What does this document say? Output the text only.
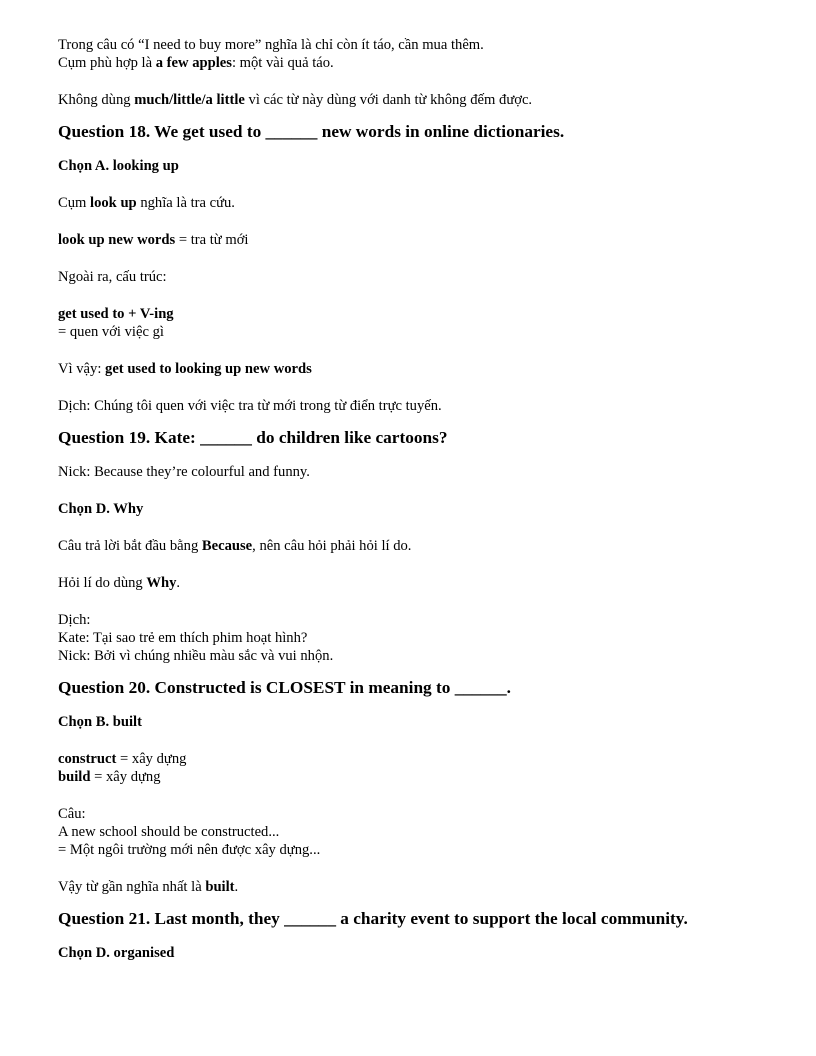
Trong câu có “I need to buy more” nghĩa là chỉ còn ít táo, cần mua thêm.

Cụm phù hợp là a few apples: một vài quả táo.

Không dùng much/little/a little vì các từ này dùng với danh từ không đếm được.

Question 18. We get used to ______ new words in online dictionaries.

Chọn A. looking up

Cụm look up nghĩa là tra cứu.

look up new words = tra từ mới

Ngoài ra, cấu trúc:

get used to + V-ing

= quen với việc gì

Vì vậy: get used to looking up new words

Dịch: Chúng tôi quen với việc tra từ mới trong từ điển trực tuyến.

Question 19. Kate: ______ do children like cartoons?

Nick: Because they’re colourful and funny.

Chọn D. Why

Câu trả lời bắt đầu bằng Because, nên câu hỏi phải hỏi lí do.

Hỏi lí do dùng Why.

Dịch:

Kate: Tại sao trẻ em thích phim hoạt hình?

Nick: Bởi vì chúng nhiều màu sắc và vui nhộn.

Question 20. Constructed is CLOSEST in meaning to ______.

Chọn B. built

construct = xây dựng

build = xây dựng

Câu:

A new school should be constructed...

= Một ngôi trường mới nên được xây dựng...

Vậy từ gần nghĩa nhất là built.

Question 21. Last month, they ______ a charity event to support the local community.

Chọn D. organised
